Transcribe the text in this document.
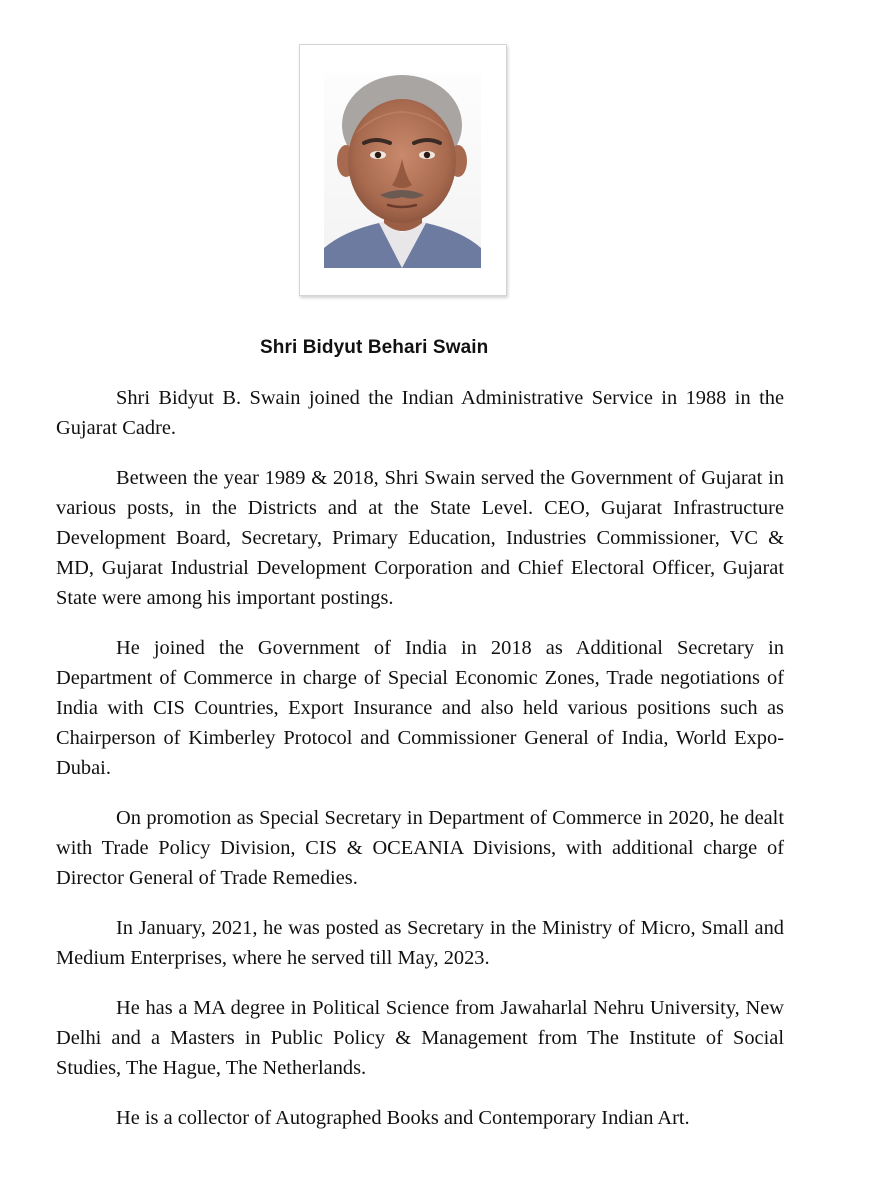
Shri Bidyut Behari Swain

Shri Bidyut B. Swain joined the Indian Administrative Service in 1988 in the Gujarat Cadre.

Between the year 1989 & 2018, Shri Swain served the Government of Gujarat in various posts, in the Districts and at the State Level. CEO, Gujarat Infrastructure Development Board, Secretary, Primary Education, Industries Commissioner, VC & MD, Gujarat Industrial Development Corporation and Chief Electoral Officer, Gujarat State were among his important postings.

He joined the Government of India in 2018 as Additional Secretary in Department of Commerce in charge of Special Economic Zones, Trade negotiations of India with CIS Countries, Export Insurance and also held various positions such as Chairperson of Kimberley Protocol and Commissioner General of India, World Expo- Dubai.

On promotion as Special Secretary in Department of Commerce in 2020, he dealt with Trade Policy Division, CIS & OCEANIA Divisions, with additional charge of Director General of Trade Remedies.

In January, 2021, he was posted as Secretary in the Ministry of Micro, Small and Medium Enterprises, where he served till May, 2023.

He has a MA degree in Political Science from Jawaharlal Nehru University, New Delhi and a Masters in Public Policy & Management from The Institute of Social Studies, The Hague, The Netherlands.

He is a collector of Autographed Books and Contemporary Indian Art.
